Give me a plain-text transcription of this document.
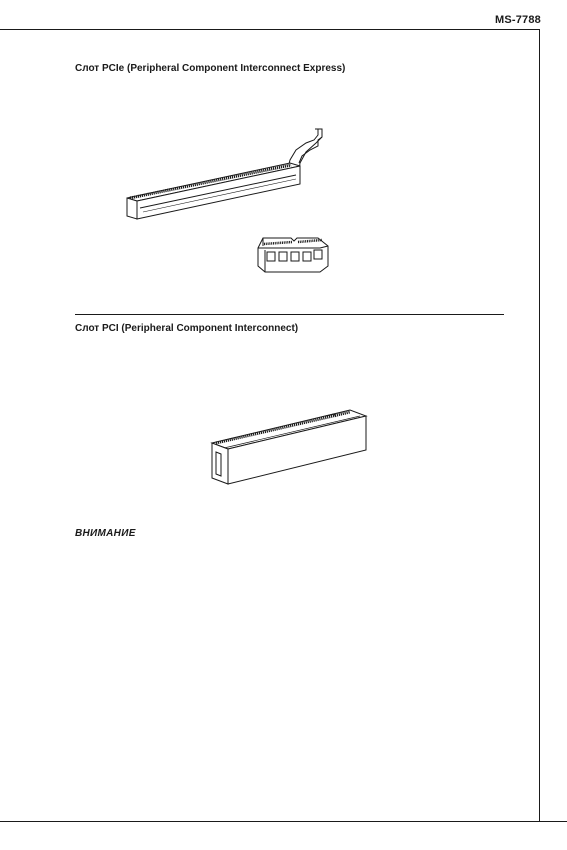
MS-7788
Слот PCIe (Peripheral Component Interconnect Express)
Слот PCI (Peripheral Component Interconnect)
ВНИМАНИЕ
